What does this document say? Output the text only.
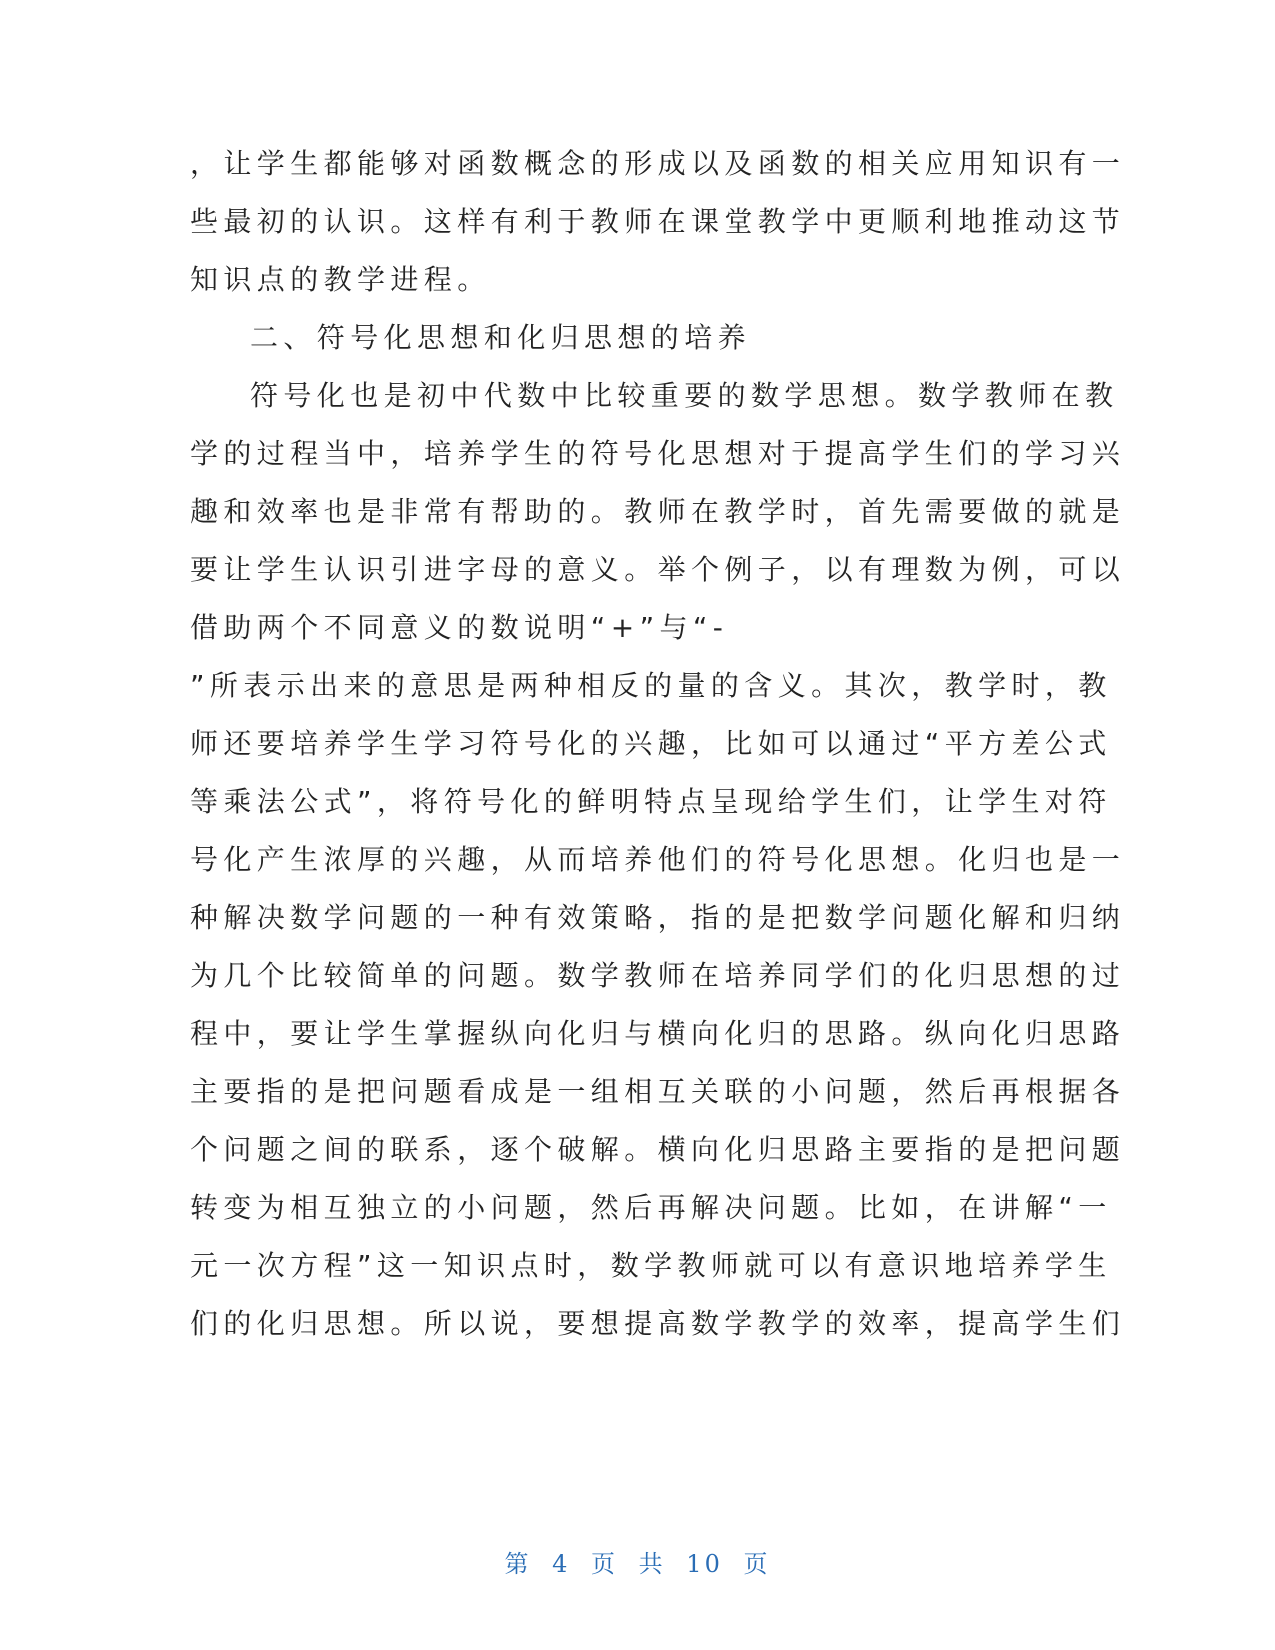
，让学生都能够对函数概念的形成以及函数的相关应用知识有一
些最初的认识。这样有利于教师在课堂教学中更顺利地推动这节
知识点的教学进程。
二、符号化思想和化归思想的培养
符号化也是初中代数中比较重要的数学思想。数学教师在教
学的过程当中，培养学生的符号化思想对于提高学生们的学习兴
趣和效率也是非常有帮助的。教师在教学时，首先需要做的就是
要让学生认识引进字母的意义。举个例子，以有理数为例，可以
借助两个不同意义的数说明“+”与“-
”所表示出来的意思是两种相反的量的含义。其次，教学时，教
师还要培养学生学习符号化的兴趣，比如可以通过“平方差公式
等乘法公式”，将符号化的鲜明特点呈现给学生们，让学生对符
号化产生浓厚的兴趣，从而培养他们的符号化思想。化归也是一
种解决数学问题的一种有效策略，指的是把数学问题化解和归纳
为几个比较简单的问题。数学教师在培养同学们的化归思想的过
程中，要让学生掌握纵向化归与横向化归的思路。纵向化归思路
主要指的是把问题看成是一组相互关联的小问题，然后再根据各
个问题之间的联系，逐个破解。横向化归思路主要指的是把问题
转变为相互独立的小问题，然后再解决问题。比如，在讲解“一
元一次方程”这一知识点时，数学教师就可以有意识地培养学生
们的化归思想。所以说，要想提高数学教学的效率，提高学生们
第 4 页 共 10 页
